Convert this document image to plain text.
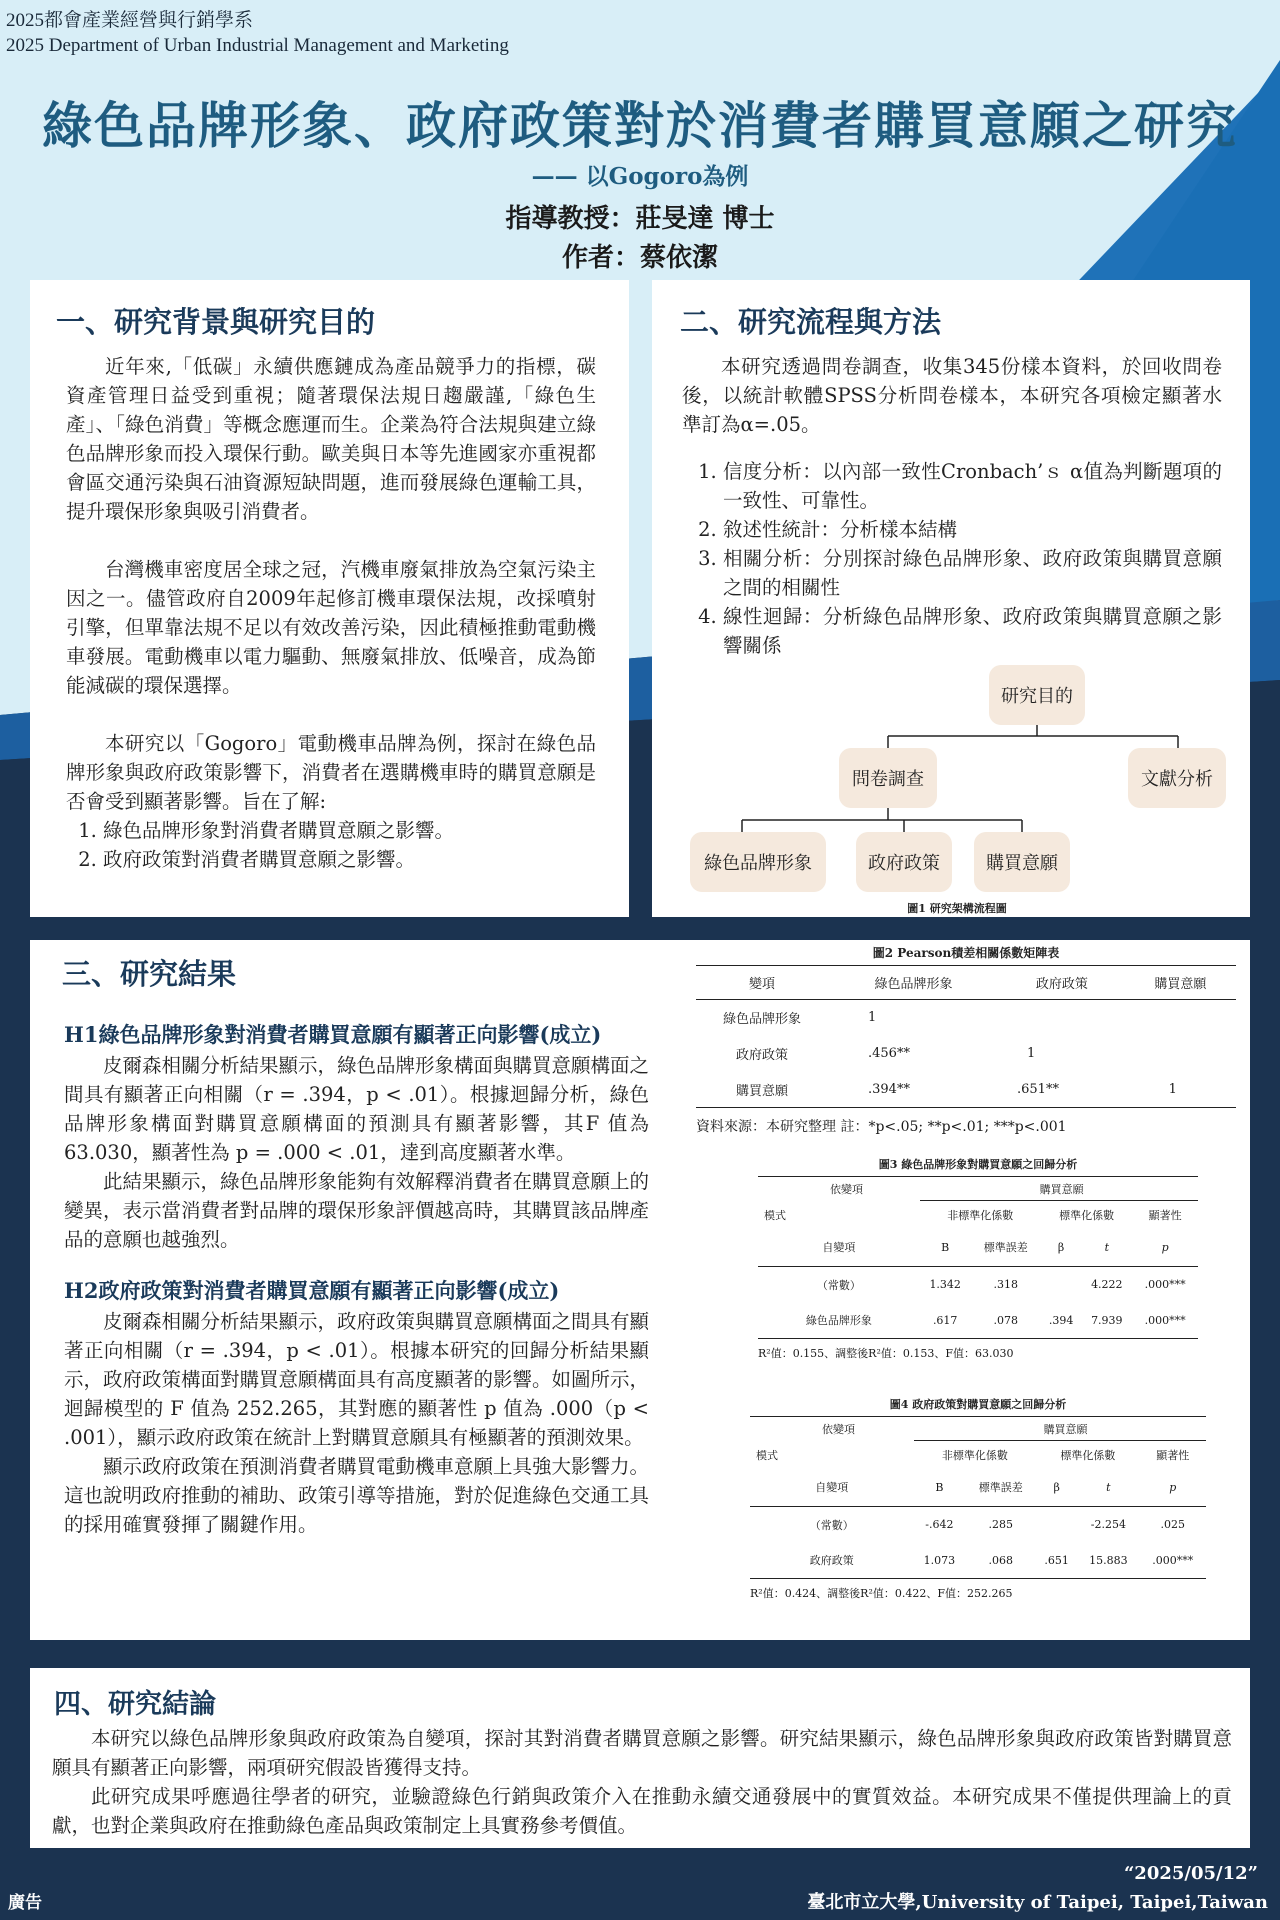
2025都會產業經營與行銷學系
2025 Department of Urban Industrial Management and Marketing
綠色品牌形象、政府政策對於消費者購買意願之研究
—— 以Gogoro為例
指導教授：莊旻達 博士
作者：蔡依潔
一、研究背景與研究目的

近年來,「低碳」永續供應鏈成為產品競爭力的指標，碳資產管理日益受到重視；隨著環保法規日趨嚴謹,「綠色生產」、「綠色消費」等概念應運而生。企業為符合法規與建立綠色品牌形象而投入環保行動。歐美與日本等先進國家亦重視都會區交通污染與石油資源短缺問題，進而發展綠色運輸工具，提升環保形象與吸引消費者。

台灣機車密度居全球之冠，汽機車廢氣排放為空氣污染主因之一。儘管政府自2009年起修訂機車環保法規，改採噴射引擎，但單靠法規不足以有效改善污染，因此積極推動電動機車發展。電動機車以電力驅動、無廢氣排放、低噪音，成為節能減碳的環保選擇。

本研究以「Gogoro」電動機車品牌為例，探討在綠色品牌形象與政府政策影響下，消費者在選購機車時的購買意願是否會受到顯著影響。旨在了解:

1. 綠色品牌形象對消費者購買意願之影響。
2. 政府政策對消費者購買意願之影響。
二、研究流程與方法

本研究透過問卷調查，收集345份樣本資料，於回收問卷後，以統計軟體SPSS分析問卷樣本，本研究各項檢定顯著水準訂為α=.05。

1. 信度分析：以內部一致性Cronbach’ｓ α值為判斷題項的一致性、可靠性。
2. 敘述性統計：分析樣本結構
3. 相關分析：分別探討綠色品牌形象、政府政策與購買意願之間的相關性
4. 線性迴歸：分析綠色品牌形象、政府政策與購買意願之影響關係
研究目的
問卷調查	文獻分析
綠色品牌形象	政府政策	購買意願
圖1 研究架構流程圖
三、研究結果
H1綠色品牌形象對消費者購買意願有顯著正向影響(成立)

皮爾森相關分析結果顯示，綠色品牌形象構面與購買意願構面之間具有顯著正向相關（r = .394，p < .01）。根據迴歸分析，綠色品牌形象構面對購買意願構面的預測具有顯著影響，其F 值為 63.030，顯著性為 p = .000 < .01，達到高度顯著水準。

此結果顯示，綠色品牌形象能夠有效解釋消費者在購買意願上的變異，表示當消費者對品牌的環保形象評價越高時，其購買該品牌產品的意願也越強烈。

H2政府政策對消費者購買意願有顯著正向影響(成立)

皮爾森相關分析結果顯示，政府政策與購買意願構面之間具有顯著正向相關（r = .394，p < .01）。根據本研究的回歸分析結果顯示，政府政策構面對購買意願構面具有高度顯著的影響。如圖所示，迴歸模型的 F 值為 252.265，其對應的顯著性 p 值為 .000（p < .001），顯示政府政策在統計上對購買意願具有極顯著的預測效果。

顯示政府政策在預測消費者購買電動機車意願上具強大影響力。這也說明政府推動的補助、政策引導等措施，對於促進綠色交通工具的採用確實發揮了關鍵作用。

圖2 Pearson積差相關係數矩陣表
變項	綠色品牌形象	政府政策	購買意願
綠色品牌形象	1		
政府政策	.456**	1	
購買意願	.394**	.651**	1
資料來源：本研究整理 註：*p<.05; **p<.01; ***p<.001
圖3 綠色品牌形象對購買意願之回歸分析
依變項	購買意願				
模式	非標準化係數		標準化係數		顯著性
自變項	B	標準誤差	β	t	p
（常數）	1.342	.318		4.222	.000***
綠色品牌形象	.617	.078	.394	7.939	.000***
R²值：0.155、調整後R²值：0.153、F值：63.030
圖4 政府政策對購買意願之回歸分析
依變項	購買意願				
模式	非標準化係數		標準化係數		顯著性
自變項	B	標準誤差	β	t	p
（常數）	-.642	.285		-2.254	.025
政府政策	1.073	.068	.651	15.883	.000***
R²值：0.424、調整後R²值：0.422、F值：252.265
四、研究結論

本研究以綠色品牌形象與政府政策為自變項，探討其對消費者購買意願之影響。研究結果顯示，綠色品牌形象與政府政策皆對購買意願具有顯著正向影響，兩項研究假設皆獲得支持。

此研究成果呼應過往學者的研究，並驗證綠色行銷與政策介入在推動永續交通發展中的實質效益。本研究成果不僅提供理論上的貢獻，也對企業與政府在推動綠色產品與政策制定上具實務參考價值。

廣告
“2025/05/12”
臺北市立大學,University of Taipei, Taipei,Taiwan
